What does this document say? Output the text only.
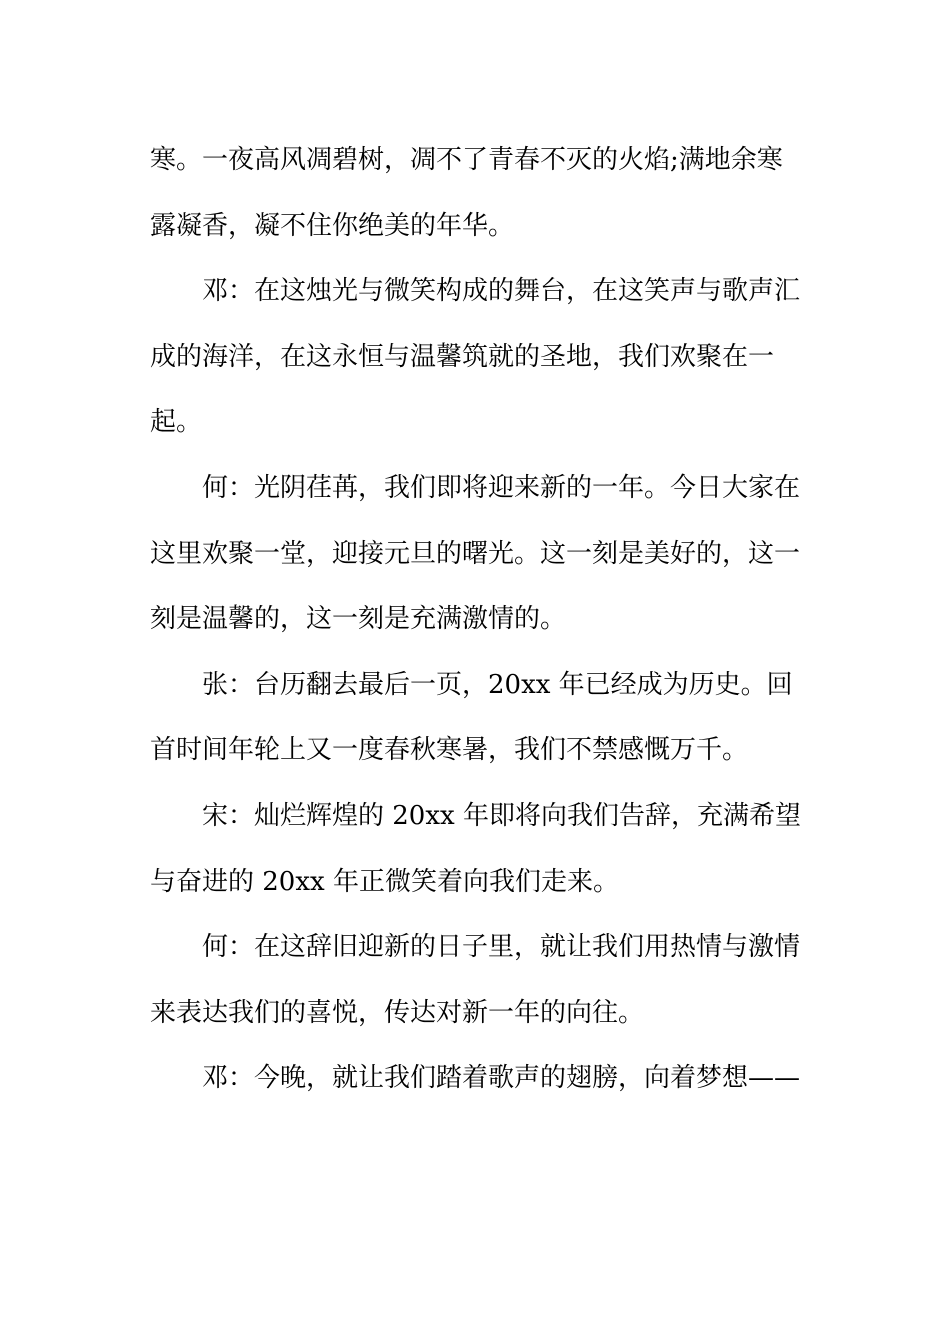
寒。一夜高风凋碧树，凋不了青春不灭的火焰;满地余寒露凝香，凝不住你绝美的年华。

邓：在这烛光与微笑构成的舞台，在这笑声与歌声汇成的海洋，在这永恒与温馨筑就的圣地，我们欢聚在一起。

何：光阴荏苒，我们即将迎来新的一年。今日大家在这里欢聚一堂，迎接元旦的曙光。这一刻是美好的，这一刻是温馨的，这一刻是充满激情的。

张：台历翻去最后一页，20xx 年已经成为历史。回首时间年轮上又一度春秋寒暑，我们不禁感慨万千。

宋：灿烂辉煌的 20xx 年即将向我们告辞，充满希望与奋进的 20xx 年正微笑着向我们走来。

何：在这辞旧迎新的日子里，就让我们用热情与激情来表达我们的喜悦，传达对新一年的向往。

邓：今晚，就让我们踏着歌声的翅膀，向着梦想——
